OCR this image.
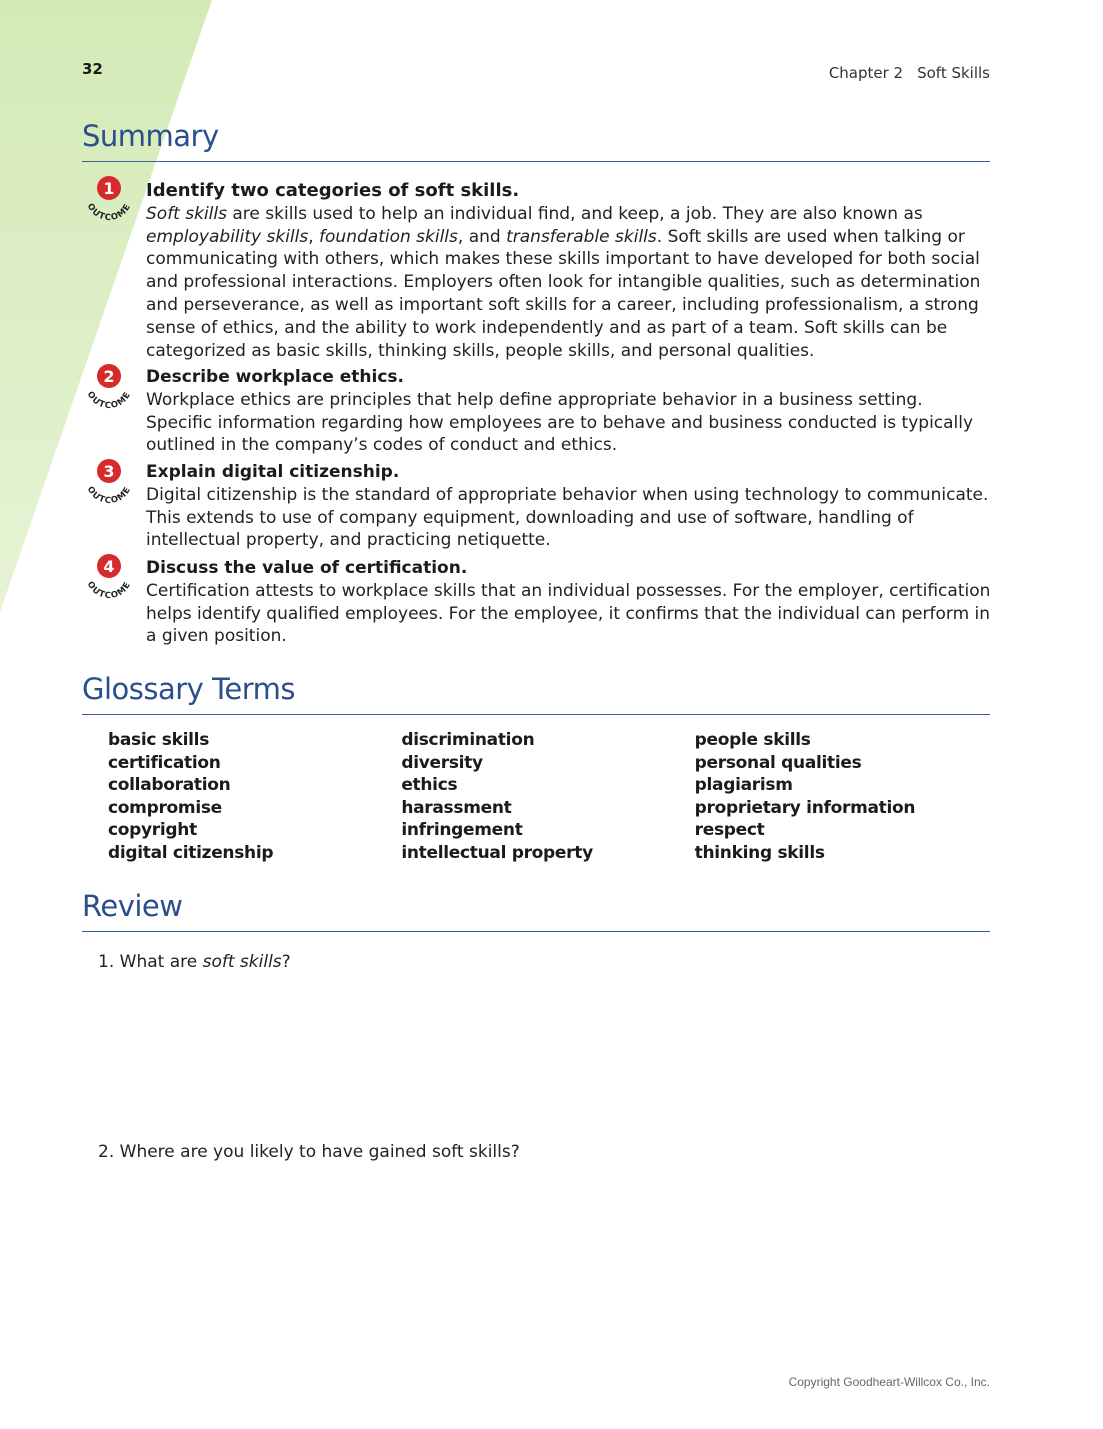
32	Chapter 2 Soft Skills
Summary
1
OUTCOME
2
OUTCOME
3
OUTCOME
4
OUTCOME
Identify two categories of soft skills.
Soft skills are skills used to help an individual find, and keep, a job. They are also known as employability skills, foundation skills, and transferable skills. Soft skills are used when talking or communicating with others, which makes these skills important to have developed for both social and professional interactions. Employers often look for intangible qualities, such as determination and perseverance, as well as important soft skills for a career, including professionalism, a strong sense of ethics, and the ability to work independently and as part of a team. Soft skills can be categorized as basic skills, thinking skills, people skills, and personal qualities.
Describe workplace ethics.
Workplace ethics are principles that help define appropriate behavior in a business setting. Specific information regarding how employees are to behave and business conducted is typically outlined in the company’s codes of conduct and ethics.
Explain digital citizenship.
Digital citizenship is the standard of appropriate behavior when using technology to communicate. This extends to use of company equipment, downloading and use of software, handling of intellectual property, and practicing netiquette.
Discuss the value of certification.
Certification attests to workplace skills that an individual possesses. For the employer, certification helps identify qualified employees. For the employee, it confirms that the individual can perform in a given position.
Glossary Terms
basic skills
certification
collaboration
compromise
copyright
digital citizenship
discrimination
diversity
ethics
harassment
infringement
intellectual property
people skills
personal qualities
plagiarism
proprietary information
respect
thinking skills
Review
1. What are soft skills?
2. Where are you likely to have gained soft skills?
Copyright Goodheart-Willcox Co., Inc.
